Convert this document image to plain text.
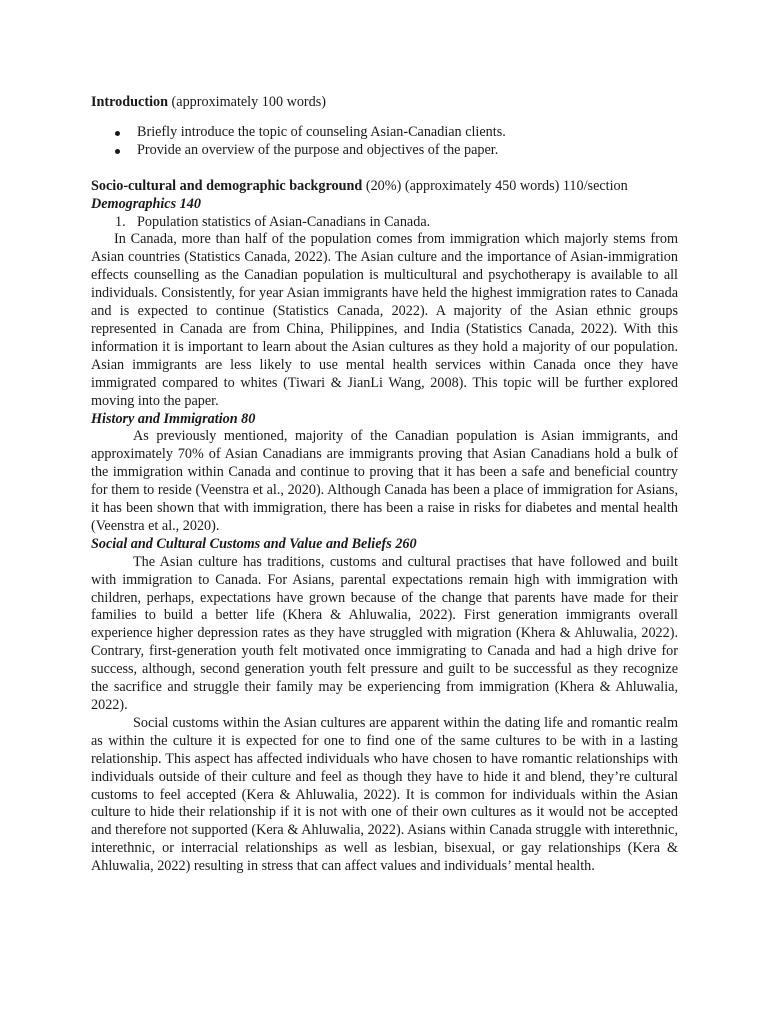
Introduction (approximately 100 words)

Briefly introduce the topic of counseling Asian-Canadian clients.
Provide an overview of the purpose and objectives of the paper.

Socio-cultural and demographic background (20%) (approximately 450 words) 110/section

Demographics 140

1. Population statistics of Asian-Canadians in Canada.

In Canada, more than half of the population comes from immigration which majorly stems from Asian countries (Statistics Canada, 2022). The Asian culture and the importance of Asian-immigration effects counselling as the Canadian population is multicultural and psychotherapy is available to all individuals. Consistently, for year Asian immigrants have held the highest immigration rates to Canada and is expected to continue (Statistics Canada, 2022). A majority of the Asian ethnic groups represented in Canada are from China, Philippines, and India (Statistics Canada, 2022). With this information it is important to learn about the Asian cultures as they hold a majority of our population. Asian immigrants are less likely to use mental health services within Canada once they have immigrated compared to whites (Tiwari & JianLi Wang, 2008). This topic will be further explored moving into the paper.

History and Immigration 80

As previously mentioned, majority of the Canadian population is Asian immigrants, and approximately 70% of Asian Canadians are immigrants proving that Asian Canadians hold a bulk of the immigration within Canada and continue to proving that it has been a safe and beneficial country for them to reside (Veenstra et al., 2020). Although Canada has been a place of immigration for Asians, it has been shown that with immigration, there has been a raise in risks for diabetes and mental health (Veenstra et al., 2020).

Social and Cultural Customs and Value and Beliefs 260

The Asian culture has traditions, customs and cultural practises that have followed and built with immigration to Canada. For Asians, parental expectations remain high with immigration with children, perhaps, expectations have grown because of the change that parents have made for their families to build a better life (Khera & Ahluwalia, 2022). First generation immigrants overall experience higher depression rates as they have struggled with migration (Khera & Ahluwalia, 2022). Contrary, first-generation youth felt motivated once immigrating to Canada and had a high drive for success, although, second generation youth felt pressure and guilt to be successful as they recognize the sacrifice and struggle their family may be experiencing from immigration (Khera & Ahluwalia, 2022).

Social customs within the Asian cultures are apparent within the dating life and romantic realm as within the culture it is expected for one to find one of the same cultures to be with in a lasting relationship. This aspect has affected individuals who have chosen to have romantic relationships with individuals outside of their culture and feel as though they have to hide it and blend, they’re cultural customs to feel accepted (Kera & Ahluwalia, 2022). It is common for individuals within the Asian culture to hide their relationship if it is not with one of their own cultures as it would not be accepted and therefore not supported (Kera & Ahluwalia, 2022). Asians within Canada struggle with interethnic, interethnic, or interracial relationships as well as lesbian, bisexual, or gay relationships (Kera & Ahluwalia, 2022) resulting in stress that can affect values and individuals’ mental health.
